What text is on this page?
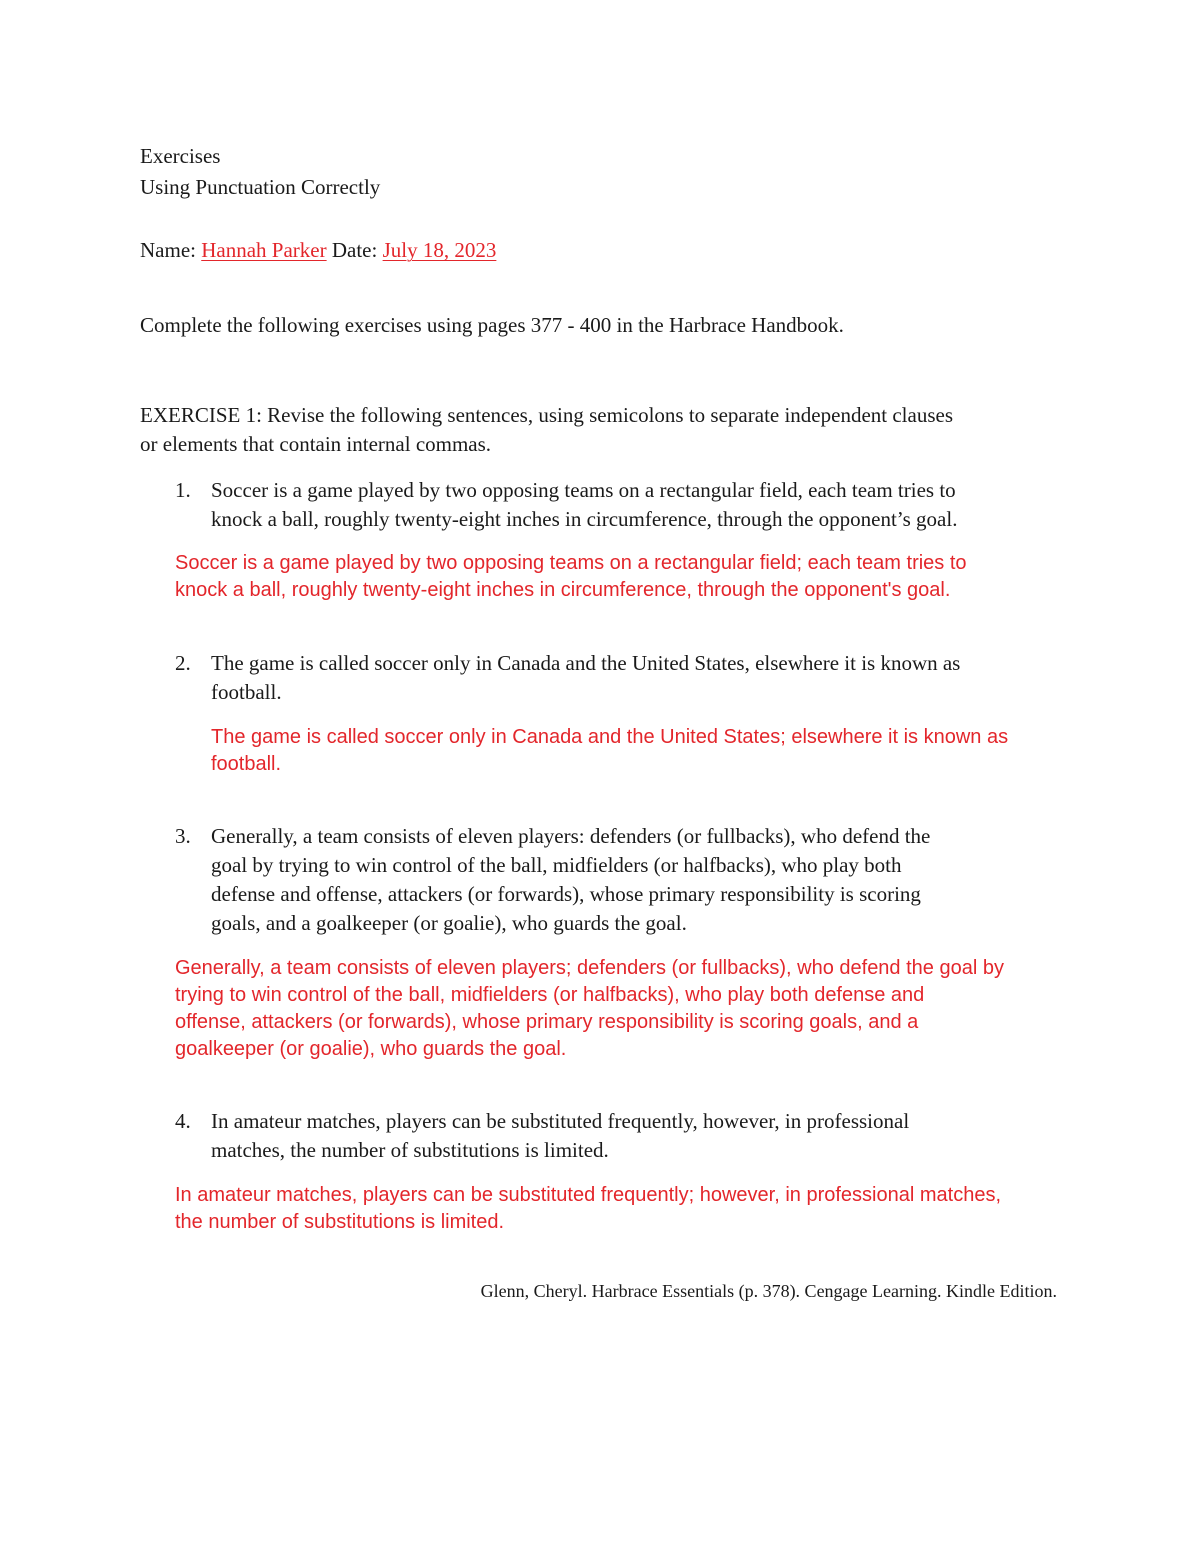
Exercises
Using Punctuation Correctly
Name: Hannah Parker Date: July 18, 2023
Complete the following exercises using pages 377 - 400 in the Harbrace Handbook.
EXERCISE 1: Revise the following sentences, using semicolons to separate independent clauses
or elements that contain internal commas.
1. Soccer is a game played by two opposing teams on a rectangular field, each team tries to
knock a ball, roughly twenty-eight inches in circumference, through the opponent’s goal.
Soccer is a game played by two opposing teams on a rectangular field; each team tries to
knock a ball, roughly twenty-eight inches in circumference, through the opponent's goal.
2. The game is called soccer only in Canada and the United States, elsewhere it is known as
football.
The game is called soccer only in Canada and the United States; elsewhere it is known as
football.
3. Generally, a team consists of eleven players: defenders (or fullbacks), who defend the
goal by trying to win control of the ball, midfielders (or halfbacks), who play both
defense and offense, attackers (or forwards), whose primary responsibility is scoring
goals, and a goalkeeper (or goalie), who guards the goal.
Generally, a team consists of eleven players; defenders (or fullbacks), who defend the goal by
trying to win control of the ball, midfielders (or halfbacks), who play both defense and
offense, attackers (or forwards), whose primary responsibility is scoring goals, and a
goalkeeper (or goalie), who guards the goal.
4. In amateur matches, players can be substituted frequently, however, in professional
matches, the number of substitutions is limited.
In amateur matches, players can be substituted frequently; however, in professional matches,
the number of substitutions is limited.
Glenn, Cheryl. Harbrace Essentials (p. 378). Cengage Learning. Kindle Edition.
